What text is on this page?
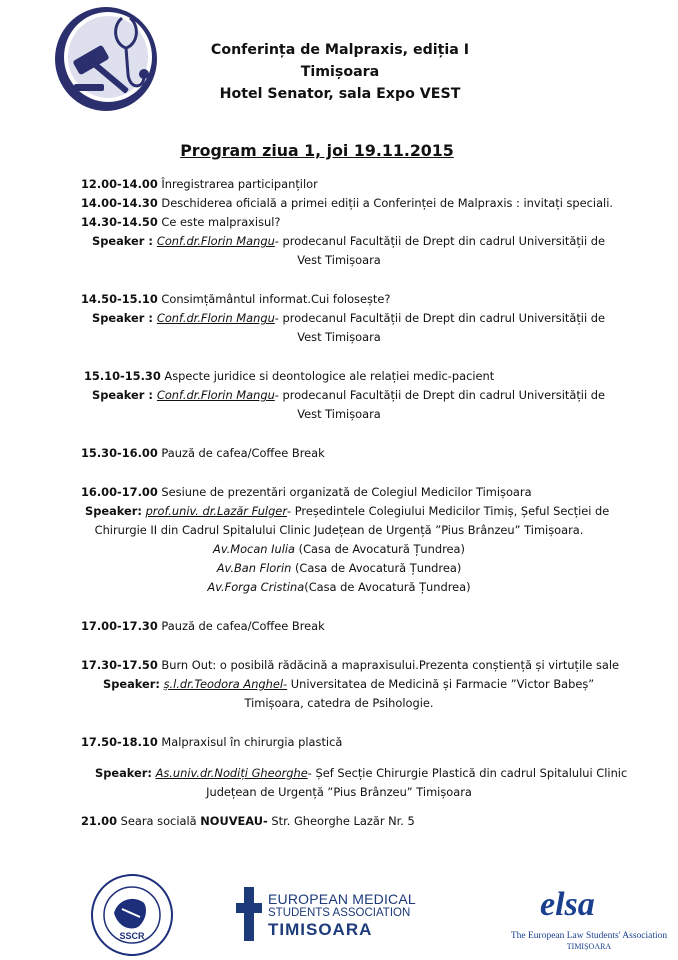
Conferința de Malpraxis, ediția I
Timișoara
Hotel Senator, sala Expo VEST
Program ziua 1, joi 19.11.2015
12.00-14.00 Înregistrarea participanților
14.00-14.30 Deschiderea oficială a primei ediții a Conferinței de Malpraxis : invitați speciali.
14.30-14.50 Ce este malpraxisul?
Speaker : Conf.dr.Florin Mangu- prodecanul Facultății de Drept din cadrul Universității de
Vest Timișoara
14.50-15.10 Consimțământul informat.Cui folosește?
Speaker : Conf.dr.Florin Mangu- prodecanul Facultății de Drept din cadrul Universității de
Vest Timișoara
15.10-15.30 Aspecte juridice si deontologice ale relației medic-pacient
Speaker : Conf.dr.Florin Mangu- prodecanul Facultății de Drept din cadrul Universității de
Vest Timișoara
15.30-16.00 Pauză de cafea/Coffee Break
16.00-17.00 Sesiune de prezentări organizată de Colegiul Medicilor Timișoara
Speaker: prof.univ. dr.Lazăr Fulger- Președintele Colegiului Medicilor Timiș, Șeful Secției de
Chirurgie II din Cadrul Spitalului Clinic Județean de Urgență ”Pius Brânzeu” Timișoara.
Av.Mocan Iulia (Casa de Avocatură Țundrea)
Av.Ban Florin (Casa de Avocatură Țundrea)
Av.Forga Cristina(Casa de Avocatură Țundrea)
17.00-17.30 Pauză de cafea/Coffee Break
17.30-17.50 Burn Out: o posibilă rădăcină a mapraxisului.Prezenta conștiență și virtuțile sale
Speaker: ș.l.dr.Teodora Anghel- Universitatea de Medicină și Farmacie ”Victor Babeș”
Timișoara, catedra de Psihologie.
17.50-18.10 Malpraxisul în chirurgia plastică
Speaker: As.univ.dr.Nodiți Gheorghe- Șef Secție Chirurgie Plastică din cadrul Spitalului Clinic
Județean de Urgență ”Pius Brânzeu” Timișoara
21.00 Seara socială NOUVEAU- Str. Gheorghe Lazăr Nr. 5
SSCR
EUROPEAN MEDICAL
STUDENTS ASSOCIATION
TIMISOARA
elsa
The European Law Students' Association
TIMIȘOARA
